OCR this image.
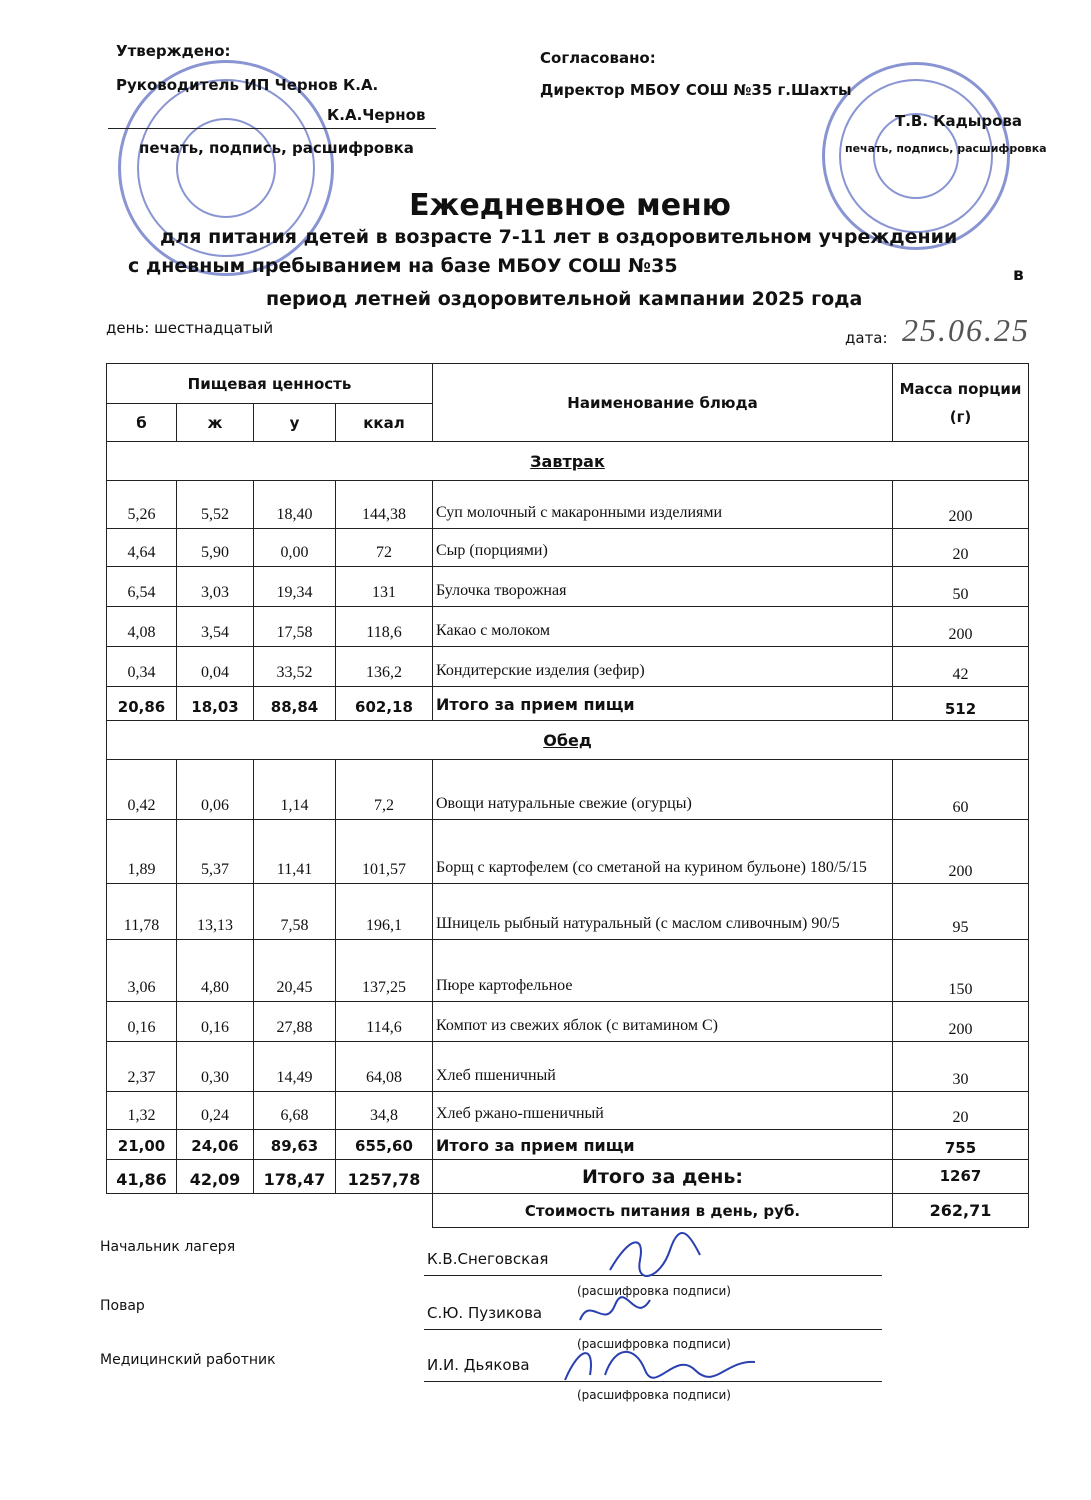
Утверждено:
Руководитель ИП Чернов К.А.
К.А.Чернов
печать, подпись, расшифровка
Согласовано:
Директор МБОУ СОШ №35 г.Шахты
Т.В. Кадырова
печать, подпись, расшифровка
Ежедневное меню
для питания детей в возрасте 7-11 лет в оздоровительном учреждении
с дневным пребыванием на базе МБОУ СОШ №35	в
период летней оздоровительной кампании 2025 года
день: шестнадцатый
дата: 25.06.25
Пищевая ценность				Наименование блюда	Масса порции (г)
б	ж	у	ккал		
Завтрак					
5,26	5,52	18,40	144,38	Суп молочный с макаронными изделиями	200
4,64	5,90	0,00	72	Сыр (порциями)	20
6,54	3,03	19,34	131	Булочка творожная	50
4,08	3,54	17,58	118,6	Какао с молоком	200
0,34	0,04	33,52	136,2	Кондитерские изделия (зефир)	42
20,86	18,03	88,84	602,18	Итого за прием пищи	512
Обед					
0,42	0,06	1,14	7,2	Овощи натуральные свежие (огурцы)	60
1,89	5,37	11,41	101,57	Борщ с картофелем (со сметаной на курином бульоне) 180/5/15	200
11,78	13,13	7,58	196,1	Шницель рыбный натуральный (с маслом сливочным) 90/5	95
3,06	4,80	20,45	137,25	Пюре картофельное	150
0,16	0,16	27,88	114,6	Компот из свежих яблок (с витамином С)	200
2,37	0,30	14,49	64,08	Хлеб пшеничный	30
1,32	0,24	6,68	34,8	Хлеб ржано-пшеничный	20
21,00	24,06	89,63	655,60	Итого за прием пищи	755
41,86	42,09	178,47	1257,78	Итого за день:	1267
				Стоимость питания в день, руб.	262,71
Начальник лагеря
К.В.Снеговская
(расшифровка подписи)
Повар	С.Ю. Пузикова
(расшифровка подписи)
Медицинский работник	И.И. Дьякова
(расшифровка подписи)
